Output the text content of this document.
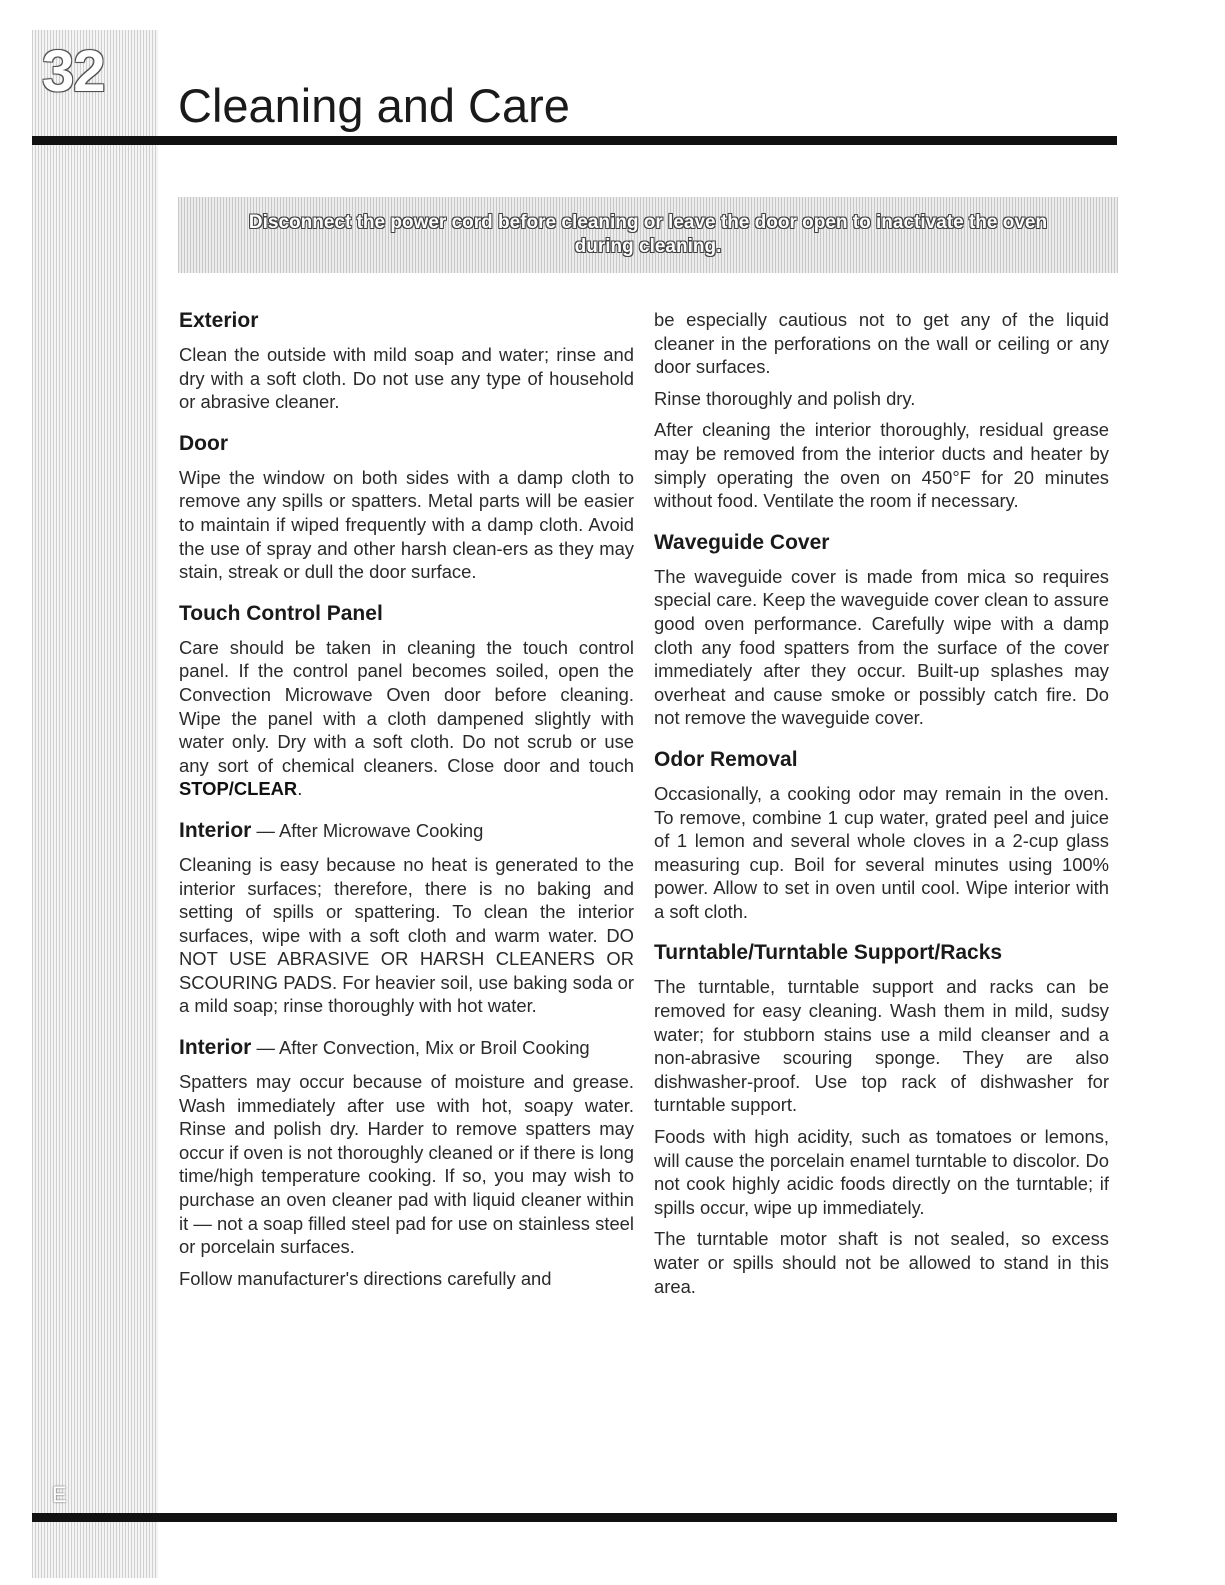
32
Cleaning and Care

Disconnect the power cord before cleaning or leave the door open to inactivate the oven during cleaning.

Exterior

Clean the outside with mild soap and water; rinse and dry with a soft cloth. Do not use any type of household or abrasive cleaner.

Door

Wipe the window on both sides with a damp cloth to remove any spills or spatters. Metal parts will be easier to maintain if wiped frequently with a damp cloth. Avoid the use of spray and other harsh clean-ers as they may stain, streak or dull the door surface.

Touch Control Panel

Care should be taken in cleaning the touch control panel. If the control panel becomes soiled, open the Convection Microwave Oven door before cleaning. Wipe the panel with a cloth dampened slightly with water only. Dry with a soft cloth. Do not scrub or use any sort of chemical cleaners. Close door and touch STOP/CLEAR.

Interior — After Microwave Cooking

Cleaning is easy because no heat is generated to the interior surfaces; therefore, there is no baking and setting of spills or spattering. To clean the interior surfaces, wipe with a soft cloth and warm water. DO NOT USE ABRASIVE OR HARSH CLEANERS OR SCOURING PADS. For heavier soil, use baking soda or a mild soap; rinse thoroughly with hot water.

Interior — After Convection, Mix or Broil Cooking

Spatters may occur because of moisture and grease. Wash immediately after use with hot, soapy water. Rinse and polish dry. Harder to remove spatters may occur if oven is not thoroughly cleaned or if there is long time/high temperature cooking. If so, you may wish to purchase an oven cleaner pad with liquid cleaner within it — not a soap filled steel pad for use on stainless steel or porcelain surfaces.

Follow manufacturer's directions carefully and

be especially cautious not to get any of the liquid cleaner in the perforations on the wall or ceiling or any door surfaces.

Rinse thoroughly and polish dry.

After cleaning the interior thoroughly, residual grease may be removed from the interior ducts and heater by simply operating the oven on 450°F for 20 minutes without food. Ventilate the room if necessary.

Waveguide Cover

The waveguide cover is made from mica so requires special care. Keep the waveguide cover clean to assure good oven performance. Carefully wipe with a damp cloth any food spatters from the surface of the cover immediately after they occur. Built-up splashes may overheat and cause smoke or possibly catch fire. Do not remove the waveguide cover.

Odor Removal

Occasionally, a cooking odor may remain in the oven. To remove, combine 1 cup water, grated peel and juice of 1 lemon and several whole cloves in a 2-cup glass measuring cup. Boil for several minutes using 100% power. Allow to set in oven until cool. Wipe interior with a soft cloth.

Turntable/Turntable Support/Racks

The turntable, turntable support and racks can be removed for easy cleaning. Wash them in mild, sudsy water; for stubborn stains use a mild cleanser and a non-abrasive scouring sponge. They are also dishwasher-proof. Use top rack of dishwasher for turntable support.

Foods with high acidity, such as tomatoes or lemons, will cause the porcelain enamel turntable to discolor. Do not cook highly acidic foods directly on the turntable; if spills occur, wipe up immediately.

The turntable motor shaft is not sealed, so excess water or spills should not be allowed to stand in this area.

E
